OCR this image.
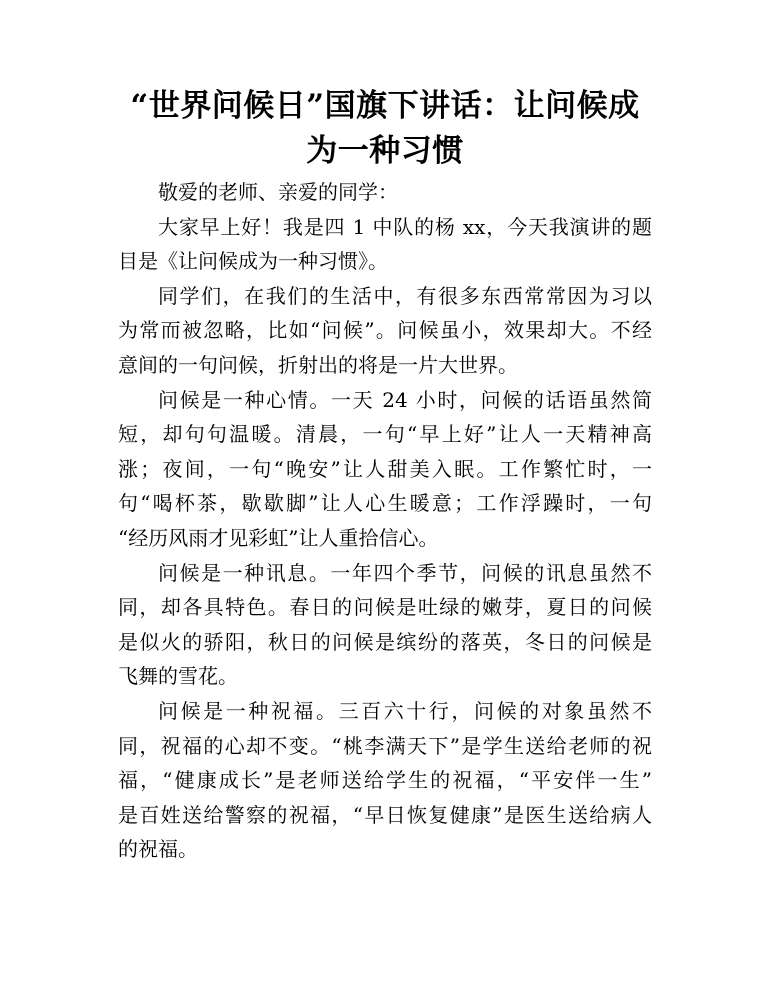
“世界问候日”国旗下讲话：让问候成
为一种习惯

敬爱的老师、亲爱的同学：

大家早上好！我是四 1 中队的杨 xx，今天我演讲的题
目是《让问候成为一种习惯》。

同学们，在我们的生活中，有很多东西常常因为习以
为常而被忽略，比如“问候”。问候虽小，效果却大。不经
意间的一句问候，折射出的将是一片大世界。

问候是一种心情。一天 24 小时，问候的话语虽然简
短，却句句温暖。清晨，一句“早上好”让人一天精神高
涨；夜间，一句“晚安”让人甜美入眠。工作繁忙时，一
句“喝杯茶，歇歇脚”让人心生暖意；工作浮躁时，一句
“经历风雨才见彩虹”让人重拾信心。

问候是一种讯息。一年四个季节，问候的讯息虽然不
同，却各具特色。春日的问候是吐绿的嫩芽，夏日的问候
是似火的骄阳，秋日的问候是缤纷的落英，冬日的问候是
飞舞的雪花。

问候是一种祝福。三百六十行，问候的对象虽然不
同，祝福的心却不变。“桃李满天下”是学生送给老师的祝
福，“健康成长”是老师送给学生的祝福，“平安伴一生”
是百姓送给警察的祝福，“早日恢复健康”是医生送给病人
的祝福。
